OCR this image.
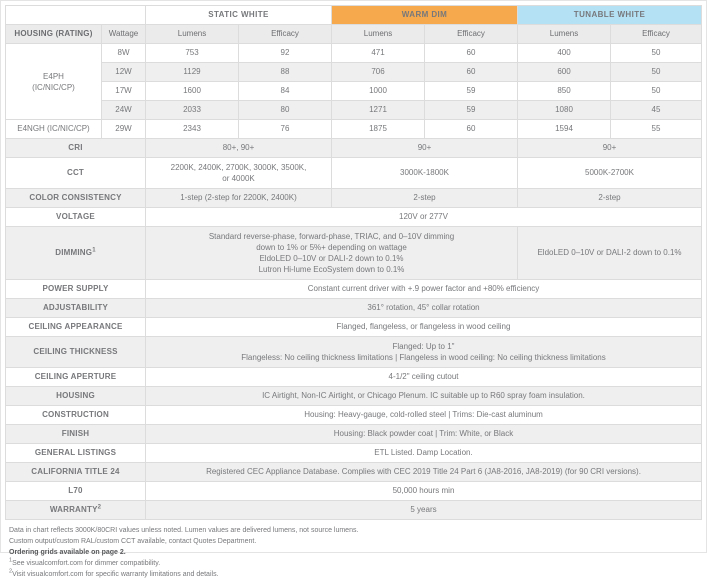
		STATIC WHITE		WARM DIM		TUNABLE WHITE	
HOUSING (RATING)	Wattage	Lumens	Efficacy	Lumens	Efficacy	Lumens	Efficacy

E4PH
(IC/NIC/CP)	8W	753	92	471	60	400	50
	12W	1129	88	706	60	600	50
	17W	1600	84	1000	59	850	50
	24W	2033	80	1271	59	1080	45
E4NGH (IC/NIC/CP)	29W	2343	76	1875	60	1594	55
CRI		80+, 90+		90+		90+	
CCT		2200K, 2400K, 2700K, 3000K, 3500K,
or 4000K		3000K-1800K		5000K-2700K	
COLOR CONSISTENCY		1-step (2-step for 2200K, 2400K)		2-step		2-step	
VOLTAGE		120V or 277V					
DIMMING$^1$		Standard reverse-phase, forward-phase, TRIAC, and 0–10V dimming
down to 1% or 5%+ depending on wattage
EldoLED 0–10V or DALI-2 down to 0.1%
Lutron Hi-lume EcoSystem down to 0.1%				EldoLED 0–10V or DALI-2 down to 0.1%	
POWER SUPPLY		Constant current driver with +.9 power factor and +80% efficiency					
ADJUSTABILITY		361° rotation, 45° collar rotation					
CEILING APPEARANCE		Flanged, flangeless, or flangeless in wood ceiling					
CEILING THICKNESS		Flanged: Up to 1"
Flangeless: No ceiling thickness limitations | Flangeless in wood ceiling: No ceiling thickness limitations					

CEILING APERTURE		4-1/2" ceiling cutout					
HOUSING		IC Airtight, Non-IC Airtight, or Chicago Plenum. IC suitable up to R60 spray foam insulation.					
CONSTRUCTION		Housing: Heavy-gauge, cold-rolled steel | Trims: Die-cast aluminum					
FINISH		Housing: Black powder coat | Trim: White, or Black					
GENERAL LISTINGS		ETL Listed. Damp Location.					
CALIFORNIA TITLE 24		Registered CEC Appliance Database. Complies with CEC 2019 Title 24 Part 6 (JA8-2016, JA8-2019) (for 90 CRI versions).					
L70		50,000 hours min					
WARRANTY$^2$		5 years					

Data in chart reflects 3000K/80CRI values unless noted. Lumen values are delivered lumens, not source lumens.

Custom output/custom RAL/custom CCT available, contact Quotes Department.

Ordering grids available on page 2.

$^1$See visualcomfort.com for dimmer compatibility.

$^2$Visit visualcomfort.com for specific warranty limitations and details.
